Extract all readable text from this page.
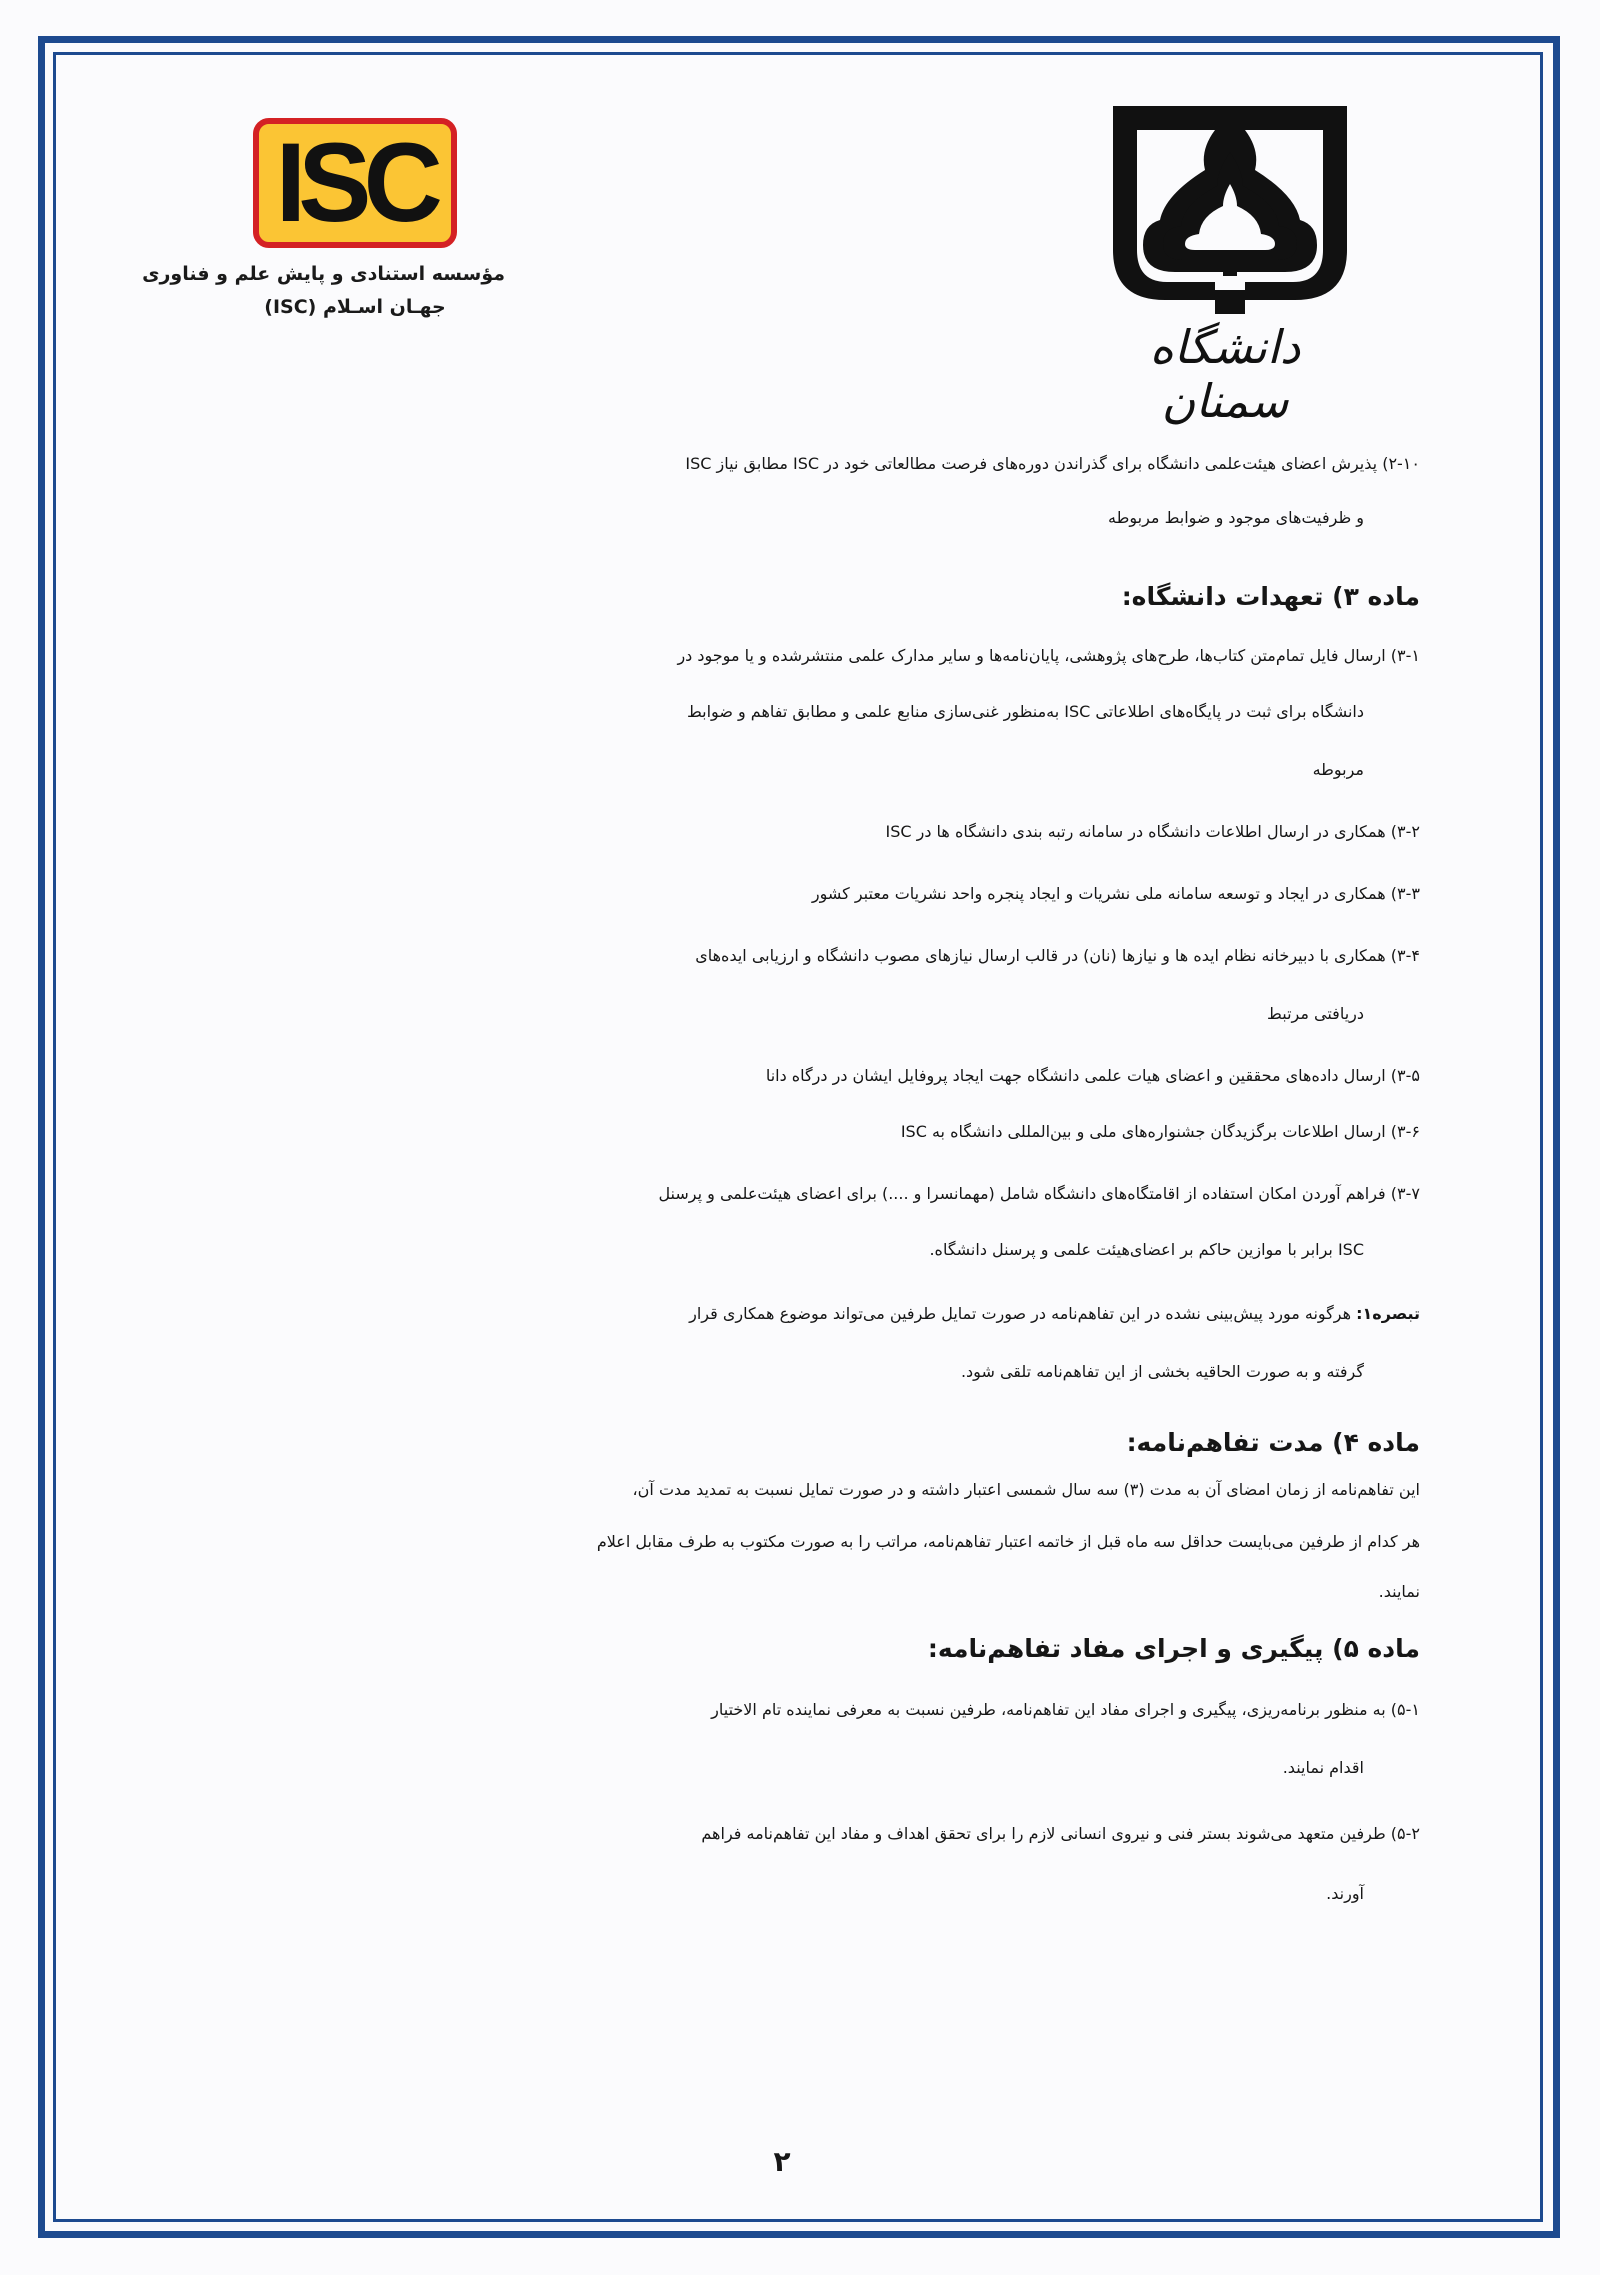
ISC
مؤسسه استنادی و پایش علم و فناوری
جهـان اسـلام (ISC)
دانشگاه سمنان
۲-۱۰) پذیرش اعضای هیئت‌علمی دانشگاه برای گذراندن دوره‌های فرصت مطالعاتی خود در ISC مطابق نیاز ISC
و ظرفیت‌های موجود و ضوابط مربوطه
ماده ۳) تعهدات دانشگاه:
۳-۱) ارسال فایل تمام‌متن کتاب‌ها، طرح‌های پژوهشی، پایان‌نامه‌ها و سایر مدارک علمی منتشرشده و یا موجود در
دانشگاه برای ثبت در پایگاه‌های اطلاعاتی ISC به‌منظور غنی‌سازی منابع علمی و مطابق تفاهم و ضوابط
مربوطه
۳-۲) همکاری در ارسال اطلاعات دانشگاه در سامانه رتبه بندی دانشگاه ها در ISC
۳-۳) همکاری در ایجاد و توسعه سامانه ملی نشریات و ایجاد پنجره واحد نشریات معتبر کشور
۳-۴) همکاری با دبیرخانه نظام ایده ها و نیازها (نان) در قالب ارسال نیازهای مصوب دانشگاه و ارزیابی ایده‌های
دریافتی مرتبط
۳-۵) ارسال داده‌های محققین و اعضای هیات علمی دانشگاه جهت ایجاد پروفایل ایشان در درگاه دانا
۳-۶) ارسال اطلاعات برگزیدگان جشنواره‌های ملی و بین‌المللی دانشگاه به ISC
۳-۷) فراهم آوردن امکان استفاده از اقامتگاه‌های دانشگاه شامل (مهمانسرا و ....) برای اعضای هیئت‌علمی و پرسنل
ISC برابر با موازین حاکم بر اعضای‌هیئت علمی و پرسنل دانشگاه.
تبصره۱: هرگونه مورد پیش‌بینی نشده در این تفاهم‌نامه در صورت تمایل طرفین می‌تواند موضوع همکاری قرار
گرفته و به صورت الحاقیه بخشی از این تفاهم‌نامه تلقی شود.
ماده ۴) مدت تفاهم‌نامه:
این تفاهم‌نامه از زمان امضای آن به مدت (۳) سه سال شمسی اعتبار داشته و در صورت تمایل نسبت به تمدید مدت آن،
هر کدام از طرفین می‌بایست حداقل سه ماه قبل از خاتمه اعتبار تفاهم‌نامه، مراتب را به صورت مکتوب به طرف مقابل اعلام
نمایند.
ماده ۵) پیگیری و اجرای مفاد تفاهم‌نامه:
۵-۱) به منظور برنامه‌ریزی، پیگیری و اجرای مفاد این تفاهم‌نامه، طرفین نسبت به معرفی نماینده تام الاختیار
اقدام نمایند.
۵-۲) طرفین متعهد می‌شوند بستر فنی و نیروی انسانی لازم را برای تحقق اهداف و مفاد این تفاهم‌نامه فراهم
آورند.
۲
